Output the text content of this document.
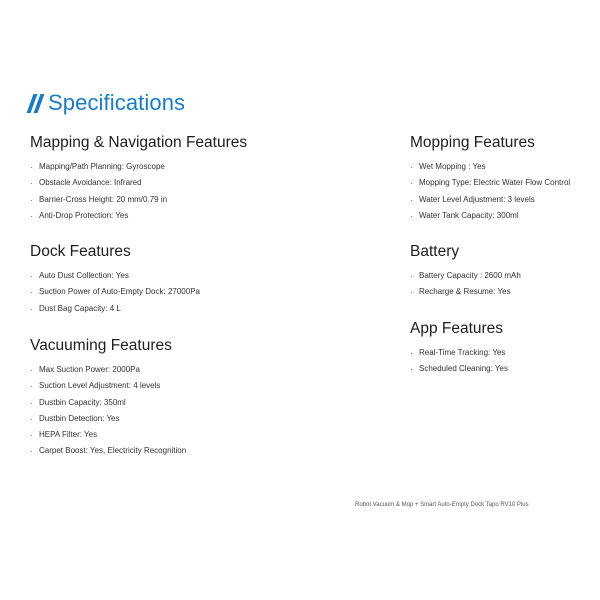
Specifications
Mapping & Navigation Features
· Mapping/Path Planning: Gyroscope
· Obstacle Avoidance: Infrared
· Barrier-Cross Height: 20 mm/0.79 in
· Anti-Drop Protection: Yes
Dock Features
· Auto Dust Collection: Yes
· Suction Power of Auto-Empty Dock: 27000Pa
· Dust Bag Capacity: 4 L
Vacuuming Features
· Max Suction Power: 2000Pa
· Suction Level Adjustment: 4 levels
· Dustbin Capacity: 350ml
· Dustbin Detection: Yes
· HEPA Filter: Yes
· Carpet Boost: Yes, Electricity Recognition
Mopping Features
· Wet Mopping : Yes
· Mopping Type: Electric Water Flow Control
· Water Level Adjustment: 3 levels
· Water Tank Capacity: 300ml
Battery
· Battery Capacity : 2600 mAh
· Recharge & Resume: Yes
App Features
· Real-Time Tracking: Yes
· Scheduled Cleaning: Yes
Robot Vacuum & Mop + Smart Auto-Empty Dock Tapo RV10 Plus
